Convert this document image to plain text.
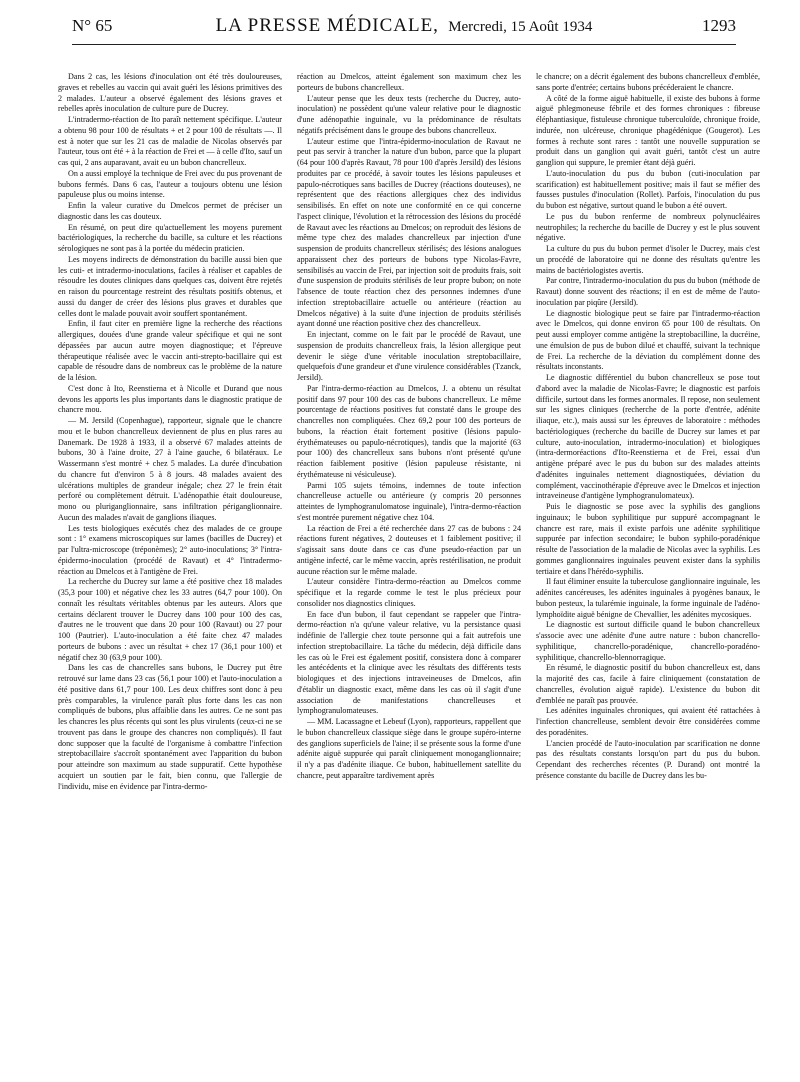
N° 65	LA PRESSE MÉDICALE, Mercredi, 15 Août 1934	1293

Dans 2 cas, les lésions d'inoculation ont été très douloureuses, graves et rebelles au vaccin qui avait guéri les lésions primitives des 2 malades. L'auteur a observé également des lésions graves et rebelles après inoculation de culture pure de Ducrey.

L'intradermo-réaction de Ito paraît nettement spécifique. L'auteur a obtenu 98 pour 100 de résultats + et 2 pour 100 de résultats —. Il est à noter que sur les 21 cas de maladie de Nicolas observés par l'auteur, tous ont été + à la réaction de Frei et — à celle d'Ito, sauf un cas qui, 2 ans auparavant, avait eu un bubon chancrelleux.

On a aussi employé la technique de Frei avec du pus provenant de bubons fermés. Dans 6 cas, l'auteur a toujours obtenu une lésion papuleuse plus ou moins intense.

Enfin la valeur curative du Dmelcos permet de préciser un diagnostic dans les cas douteux.

En résumé, on peut dire qu'actuellement les moyens purement bactériologiques, la recherche du bacille, sa culture et les réactions sérologiques ne sont pas à la portée du médecin praticien.

Les moyens indirects de démonstration du bacille aussi bien que les cuti- et intradermo-inoculations, faciles à réaliser et capables de résoudre les doutes cliniques dans quelques cas, doivent être rejetés en raison du pourcentage restreint des résultats positifs obtenus, et aussi du danger de créer des lésions plus graves et durables que celles dont le malade pouvait avoir souffert spontanément.

Enfin, il faut citer en première ligne la recherche des réactions allergiques, douées d'une grande valeur spécifique et qui ne sont dépassées par aucun autre moyen diagnostique; et l'épreuve thérapeutique réalisée avec le vaccin anti-strepto-bacillaire qui est capable de résoudre dans de nombreux cas le problème de la nature de la lésion.

C'est donc à Ito, Reenstierna et à Nicolle et Durand que nous devons les apports les plus importants dans le diagnostic pratique de chancre mou.

— M. Jersild (Copenhague), rapporteur, signale que le chancre mou et le bubon chancrelleux deviennent de plus en plus rares au Danemark. De 1928 à 1933, il a observé 67 malades atteints de bubons, 30 à l'aine droite, 27 à l'aine gauche, 6 bilatéraux. Le Wassermann s'est montré + chez 5 malades. La durée d'incubation du chancre fut d'environ 5 à 8 jours. 48 malades avaient des ulcérations multiples de grandeur inégale; chez 27 le frein était perforé ou complètement détruit. L'adénopathie était douloureuse, mono ou pluriganglionnaire, sans infiltration périganglionnaire. Aucun des malades n'avait de ganglions iliaques.

Les tests biologiques exécutés chez des malades de ce groupe sont : 1° examens microscopiques sur lames (bacilles de Ducrey) et par l'ultra-microscope (tréponèmes); 2° auto-inoculations; 3° l'intra-épidermo-inoculation (procédé de Ravaut) et 4° l'intradermo-réaction au Dmelcos et à l'antigène de Frei.

La recherche du Ducrey sur lame a été positive chez 18 malades (35,3 pour 100) et négative chez les 33 autres (64,7 pour 100). On connaît les résultats véritables obtenus par les auteurs. Alors que certains déclarent trouver le Ducrey dans 100 pour 100 des cas, d'autres ne le trouvent que dans 20 pour 100 (Ravaut) ou 27 pour 100 (Pautrier). L'auto-inoculation a été faite chez 47 malades porteurs de bubons : avec un résultat + chez 17 (36,1 pour 100) et négatif chez 30 (63,9 pour 100).

Dans les cas de chancrelles sans bubons, le Ducrey put être retrouvé sur lame dans 23 cas (56,1 pour 100) et l'auto-inoculation a été positive dans 61,7 pour 100. Les deux chiffres sont donc à peu près comparables, la virulence paraît plus forte dans les cas non compliqués de bubons, plus affaiblie dans les autres. Ce ne sont pas les chancres les plus récents qui sont les plus virulents (ceux-ci ne se trouvent pas dans le groupe des chancres non compliqués). Il faut donc supposer que la faculté de l'organisme à combattre l'infection streptobacillaire s'accroît spontanément avec l'apparition du bubon pour atteindre son maximum au stade suppuratif. Cette hypothèse acquiert un soutien par le fait, bien connu, que l'allergie de l'individu, mise en évidence par l'intra-dermo-

réaction au Dmelcos, atteint également son maximum chez les porteurs de bubons chancrelleux.

L'auteur pense que les deux tests (recherche du Ducrey, auto-inoculation) ne possèdent qu'une valeur relative pour le diagnostic d'une adénopathie inguinale, vu la prédominance de résultats négatifs précisément dans le groupe des bubons chancrelleux.

L'auteur estime que l'intra-épidermo-inoculation de Ravaut ne peut pas servir à trancher la nature d'un bubon, parce que la plupart (64 pour 100 d'après Ravaut, 78 pour 100 d'après Jersild) des lésions produites par ce procédé, à savoir toutes les lésions papuleuses et papulo-nécrotiques sans bacilles de Ducrey (réactions douteuses), ne représentent que des réactions allergiques chez des individus sensibilisés. En effet on note une conformité en ce qui concerne l'aspect clinique, l'évolution et la rétrocession des lésions du procédé de Ravaut avec les réactions au Dmelcos; on reproduit des lésions de même type chez des malades chancrelleux par injection d'une suspension de produits chancrelleux stérilisés; des lésions analogues apparaissent chez des porteurs de bubons type Nicolas-Favre, sensibilisés au vaccin de Frei, par injection soit de produits frais, soit d'une suspension de produits stérilisés de leur propre bubon; on note l'absence de toute réaction chez des personnes indemnes d'une infection streptobacillaire actuelle ou antérieure (réaction au Dmelcos négative) à la suite d'une injection de produits stérilisés ayant donné une réaction positive chez des chancrelleux.

En injectant, comme on le fait par le procédé de Ravaut, une suspension de produits chancrelleux frais, la lésion allergique peut devenir le siège d'une véritable inoculation streptobacillaire, quelquefois d'une grandeur et d'une virulence considérables (Tzanck, Jersild).

Par l'intra-dermo-réaction au Dmelcos, J. a obtenu un résultat positif dans 97 pour 100 des cas de bubons chancrelleux. Le même pourcentage de réactions positives fut constaté dans le groupe des chancrelles non compliquées. Chez 69,2 pour 100 des porteurs de bubons, la réaction était fortement positive (lésions papulo-érythémateuses ou papulo-nécrotiques), tandis que la majorité (63 pour 100) des chancrelleux sans bubons n'ont présenté qu'une réaction faiblement positive (lésion papuleuse résistante, ni érythémateuse ni vésiculeuse).

Parmi 105 sujets témoins, indemnes de toute infection chancrelleuse actuelle ou antérieure (y compris 20 personnes atteintes de lymphogranulomatose inguinale), l'intra-dermo-réaction s'est montrée purement négative chez 104.

La réaction de Frei a été recherchée dans 27 cas de bubons : 24 réactions furent négatives, 2 douteuses et 1 faiblement positive; il s'agissait sans doute dans ce cas d'une pseudo-réaction par un antigène infecté, car le même vaccin, après restérilisation, ne produit aucune réaction sur le même malade.

L'auteur considère l'intra-dermo-réaction au Dmelcos comme spécifique et la regarde comme le test le plus précieux pour consolider nos diagnostics cliniques.

En face d'un bubon, il faut cependant se rappeler que l'intra-dermo-réaction n'a qu'une valeur relative, vu la persistance quasi indéfinie de l'allergie chez toute personne qui a fait autrefois une infection streptobacillaire. La tâche du médecin, déjà difficile dans les cas où le Frei est également positif, consistera donc à comparer les antécédents et la clinique avec les résultats des différents tests biologiques et des injections intraveineuses de Dmelcos, afin d'établir un diagnostic exact, même dans les cas où il s'agit d'une association de manifestations chancrelleuses et lymphogranulomateuses.

— MM. Lacassagne et Lebeuf (Lyon), rapporteurs, rappellent que le bubon chancrelleux classique siège dans le groupe supéro-interne des ganglions superficiels de l'aine; il se présente sous la forme d'une adénite aiguë suppurée qui paraît cliniquement monoganglionnaire; il n'y a pas d'adénite iliaque. Ce bubon, habituellement satellite du chancre, peut apparaître tardivement après

le chancre; on a décrit également des bubons chancrelleux d'emblée, sans porte d'entrée; certains bubons précéderaient le chancre.

A côté de la forme aiguë habituelle, il existe des bubons à forme aiguë phlegmoneuse fébrile et des formes chroniques : fibreuse éléphantiasique, fistuleuse chronique tuberculoïde, chronique froide, indurée, non ulcéreuse, chronique phagédénique (Gougerot). Les formes à rechute sont rares : tantôt une nouvelle suppuration se produit dans un ganglion qui avait guéri, tantôt c'est un autre ganglion qui suppure, le premier étant déjà guéri.

L'auto-inoculation du pus du bubon (cuti-inoculation par scarification) est habituellement positive; mais il faut se méfier des fausses pustules d'inoculation (Rollet). Parfois, l'inoculation du pus du bubon est négative, surtout quand le bubon a été ouvert.

Le pus du bubon renferme de nombreux polynucléaires neutrophiles; la recherche du bacille de Ducrey y est le plus souvent négative.

La culture du pus du bubon permet d'isoler le Ducrey, mais c'est un procédé de laboratoire qui ne donne des résultats qu'entre les mains de bactériologistes avertis.

Par contre, l'intradermo-inoculation du pus du bubon (méthode de Ravaut) donne souvent des réactions; il en est de même de l'auto-inoculation par piqûre (Jersild).

Le diagnostic biologique peut se faire par l'intradermo-réaction avec le Dmelcos, qui donne environ 65 pour 100 de résultats. On peut aussi employer comme antigène la streptobacilline, la ducréine, une émulsion de pus de bubon dilué et chauffé, suivant la technique de Frei. La recherche de la déviation du complément donne des résultats inconstants.

Le diagnostic différentiel du bubon chancrelleux se pose tout d'abord avec la maladie de Nicolas-Favre; le diagnostic est parfois difficile, surtout dans les formes anormales. Il repose, non seulement sur les signes cliniques (recherche de la porte d'entrée, adénite iliaque, etc.), mais aussi sur les épreuves de laboratoire : méthodes bactériologiques (recherche du bacille de Ducrey sur lames et par culture, auto-inoculation, intradermo-inoculation) et biologiques (intra-dermoréactions d'Ito-Reenstierna et de Frei, essai d'un antigène préparé avec le pus du bubon sur des malades atteints d'adénites inguinales nettement diagnostiquées, déviation du complément, vaccinothérapie d'épreuve avec le Dmelcos et injection intraveineuse d'antigène lymphogranulomateux).

Puis le diagnostic se pose avec la syphilis des ganglions inguinaux; le bubon syphilitique pur suppuré accompagnant le chancre est rare, mais il existe parfois une adénite syphilitique suppurée par infection secondaire; le bubon syphilo-poradénique résulte de l'association de la maladie de Nicolas avec la syphilis. Les gommes ganglionnaires inguinales peuvent exister dans la syphilis tertiaire et dans l'hérédo-syphilis.

Il faut éliminer ensuite la tuberculose ganglionnaire inguinale, les adénites cancéreuses, les adénites inguinales à pyogènes banaux, le bubon pesteux, la tularémie inguinale, la forme inguinale de l'adéno-lymphoïdite aiguë bénigne de Chevallier, les adénites mycosiques.

Le diagnostic est surtout difficile quand le bubon chancrelleux s'associe avec une adénite d'une autre nature : bubon chancrello-syphilitique, chancrello-poradénique, chancrello-poradéno-syphilitique, chancrello-blennorragique.

En résumé, le diagnostic positif du bubon chancrelleux est, dans la majorité des cas, facile à faire cliniquement (constatation de chancrelles, évolution aiguë rapide). L'existence du bubon dit d'emblée ne paraît pas prouvée.

Les adénites inguinales chroniques, qui avaient été rattachées à l'infection chancrelleuse, semblent devoir être considérées comme des poradénites.

L'ancien procédé de l'auto-inoculation par scarification ne donne pas des résultats constants lorsqu'on part du pus du bubon. Cependant des recherches récentes (P. Durand) ont montré la présence constante du bacille de Ducrey dans les bu-
